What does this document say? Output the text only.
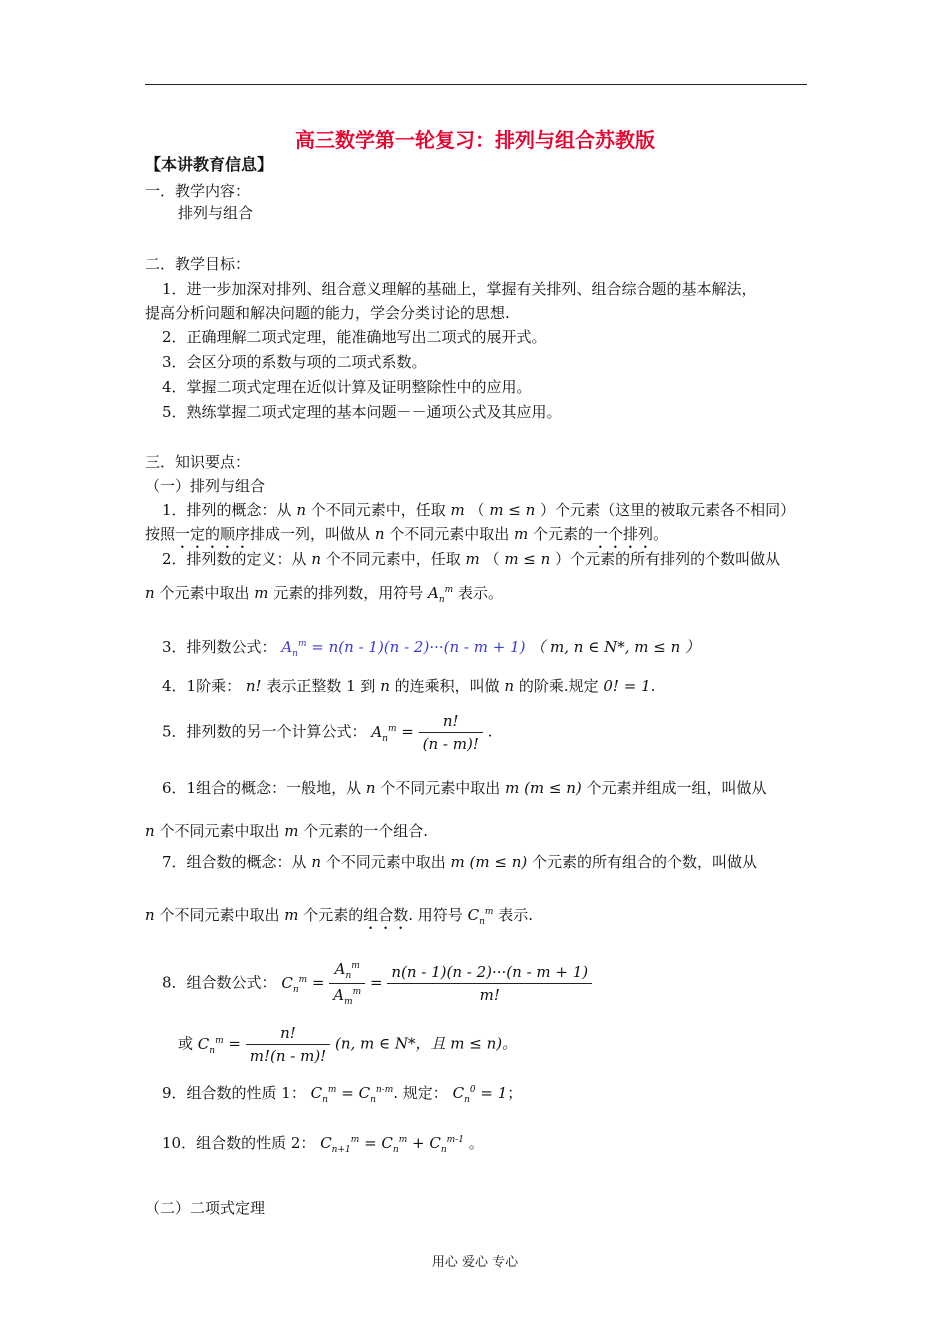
高三数学第一轮复习：排列与组合苏教版
【本讲教育信息】
一．教学内容：
排列与组合
二．教学目标：
1．进一步加深对排列、组合意义理解的基础上，掌握有关排列、组合综合题的基本解法，
提高分析问题和解决问题的能力，学会分类讨论的思想.
2．正确理解二项式定理，能准确地写出二项式的展开式。
3．会区分项的系数与项的二项式系数。
4．掌握二项式定理在近似计算及证明整除性中的应用。
5．熟练掌握二项式定理的基本问题－－通项公式及其应用。
三．知识要点：
（一）排列与组合
1．排列的概念：从 n 个不同元素中，任取 m （ m ≤ n ）个元素（这里的被取元素各不相同）
按照一定的顺序排成一列，叫做从 n 个不同元素中取出 m 个元素的一个排列。
2．排列数的定义：从 n 个不同元素中，任取 m （ m ≤ n ）个元素的所有排列的个数叫做从
n 个元素中取出 m 元素的排列数，用符号 $A_n^m$ 表示。
3．排列数公式： $A_n^m = n(n - 1)(n - 2)\cdot\cdot\cdot(n - m + 1)$ （ m, n ∈ N*, m ≤ n ）
4．1阶乘： n! 表示正整数 1 到 n 的连乘积，叫做 n 的阶乘.规定 0! = 1.
5．排列数的另一个计算公式： $A_n^m = \frac{n!}{(n - m)!}$ .
6．1组合的概念：一般地，从 n 个不同元素中取出 m (m ≤ n) 个元素并组成一组，叫做从
n 个不同元素中取出 m 个元素的一个组合.
7．组合数的概念：从 n 个不同元素中取出 m (m ≤ n) 个元素的所有组合的个数，叫做从
n 个不同元素中取出 m 个元素的组合数. 用符号 $C_n^m$ 表示.
8．组合数公式： $C_n^m = \frac{A_n^m}{A_m^m} = \frac{n(n - 1)(n - 2)\cdot\cdot\cdot(n - m + 1)}{m!}$
或 $C_n^m = \frac{n!}{m!(n - m)!} (n$, m ∈ N*，且 m ≤ n)。
9．组合数的性质 1： $C_n^m = C_n^{n-m}$. 规定： $C_n^0 = 1$；
10．组合数的性质 2： $C_{n+1}^m = C_n^m + C_n^{m-1}$ 。
（二）二项式定理
用心 爱心 专心
